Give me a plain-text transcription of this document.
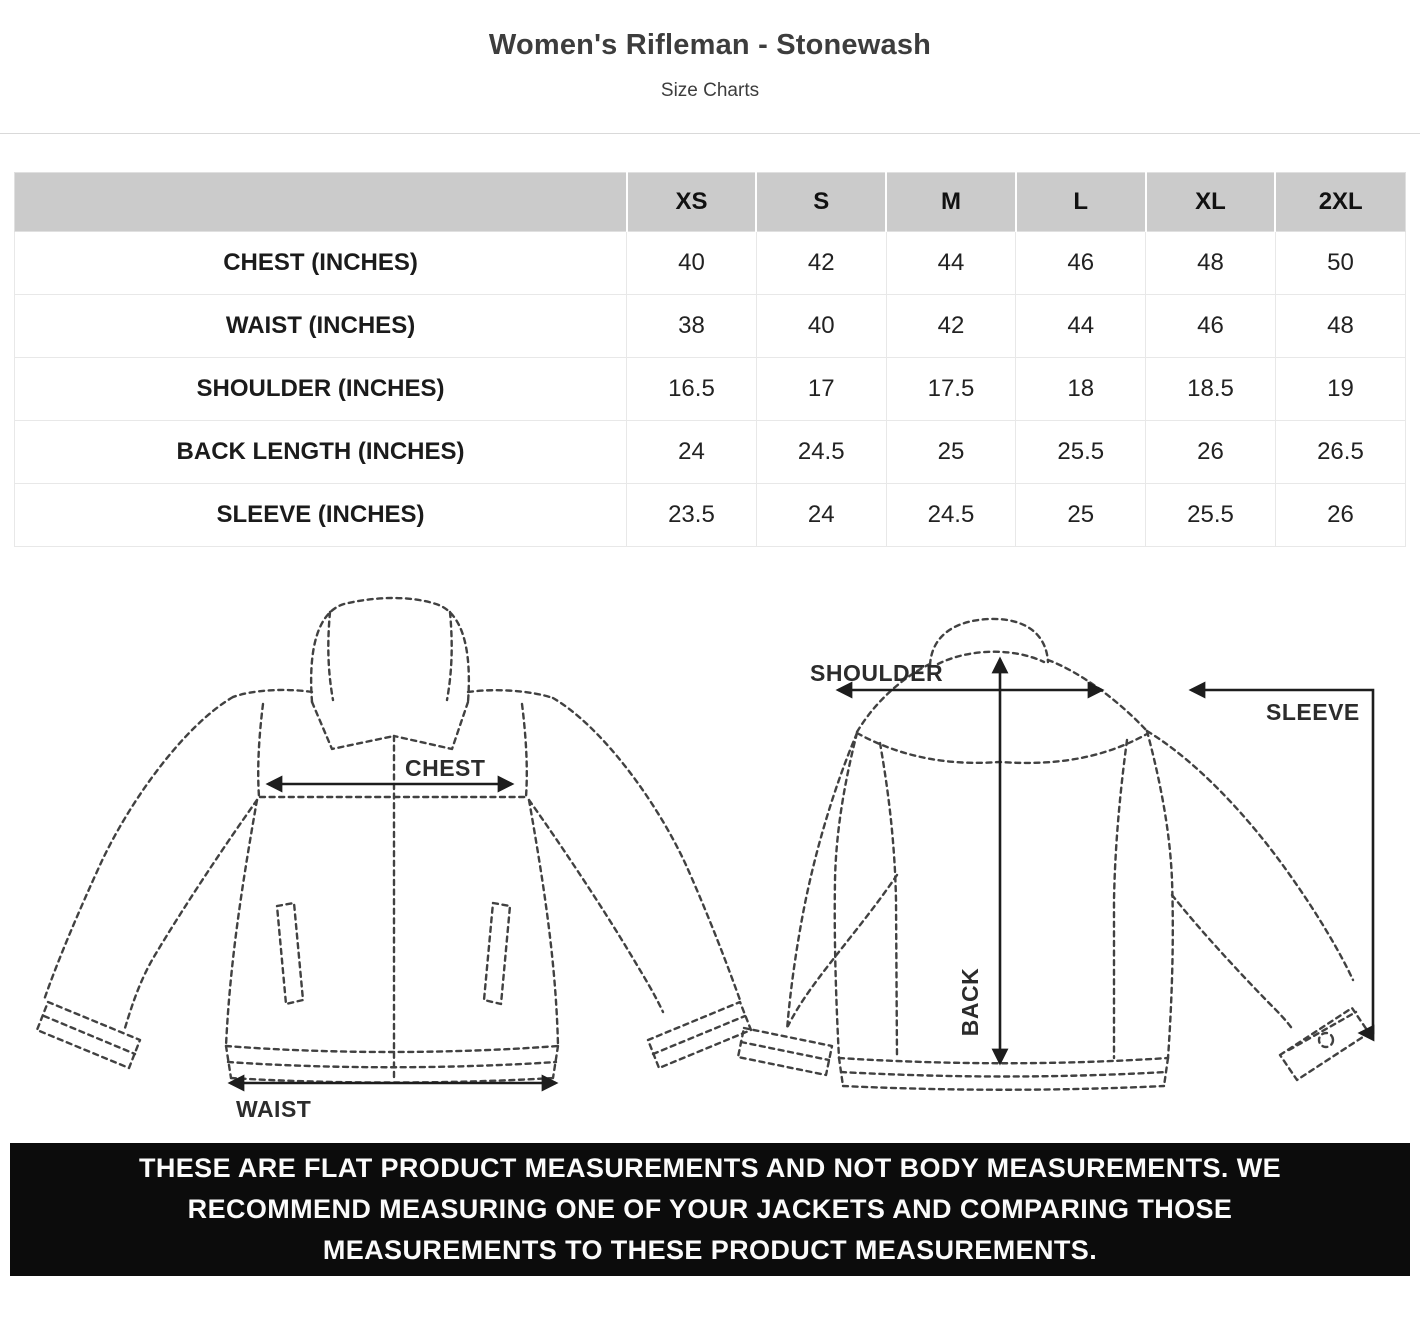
Women's Rifleman - Stonewash
Size Charts
	XS	S	M	L	XL	2XL
CHEST (INCHES)	40	42	44	46	48	50
WAIST (INCHES)	38	40	42	44	46	48
SHOULDER (INCHES)	16.5	17	17.5	18	18.5	19
BACK LENGTH (INCHES)	24	24.5	25	25.5	26	26.5
SLEEVE (INCHES)	23.5	24	24.5	25	25.5	26
CHEST
WAIST
SHOULDER
BACK
SLEEVE
THESE ARE FLAT PRODUCT MEASUREMENTS AND NOT BODY MEASUREMENTS. WE
RECOMMEND MEASURING ONE OF YOUR JACKETS AND COMPARING THOSE
MEASUREMENTS TO THESE PRODUCT MEASUREMENTS.
